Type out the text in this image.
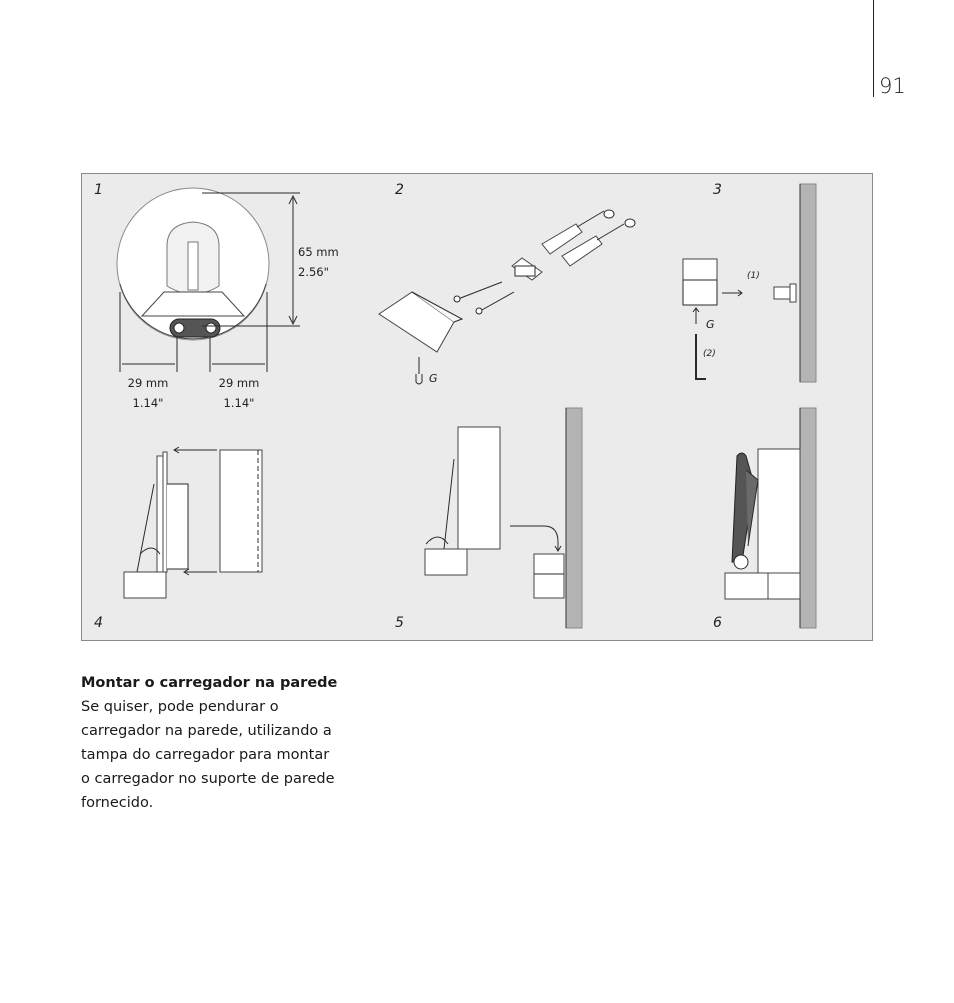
91
1	2	3
4	5	6
65 mm
2.56"
29 mm
1.14"
29 mm
1.14"
G
G
(1)
(2)
Montar o carregador na parede
Se quiser, pode pendurar o
carregador na parede, utilizando a
tampa do carregador para montar
o carregador no suporte de parede
fornecido.
